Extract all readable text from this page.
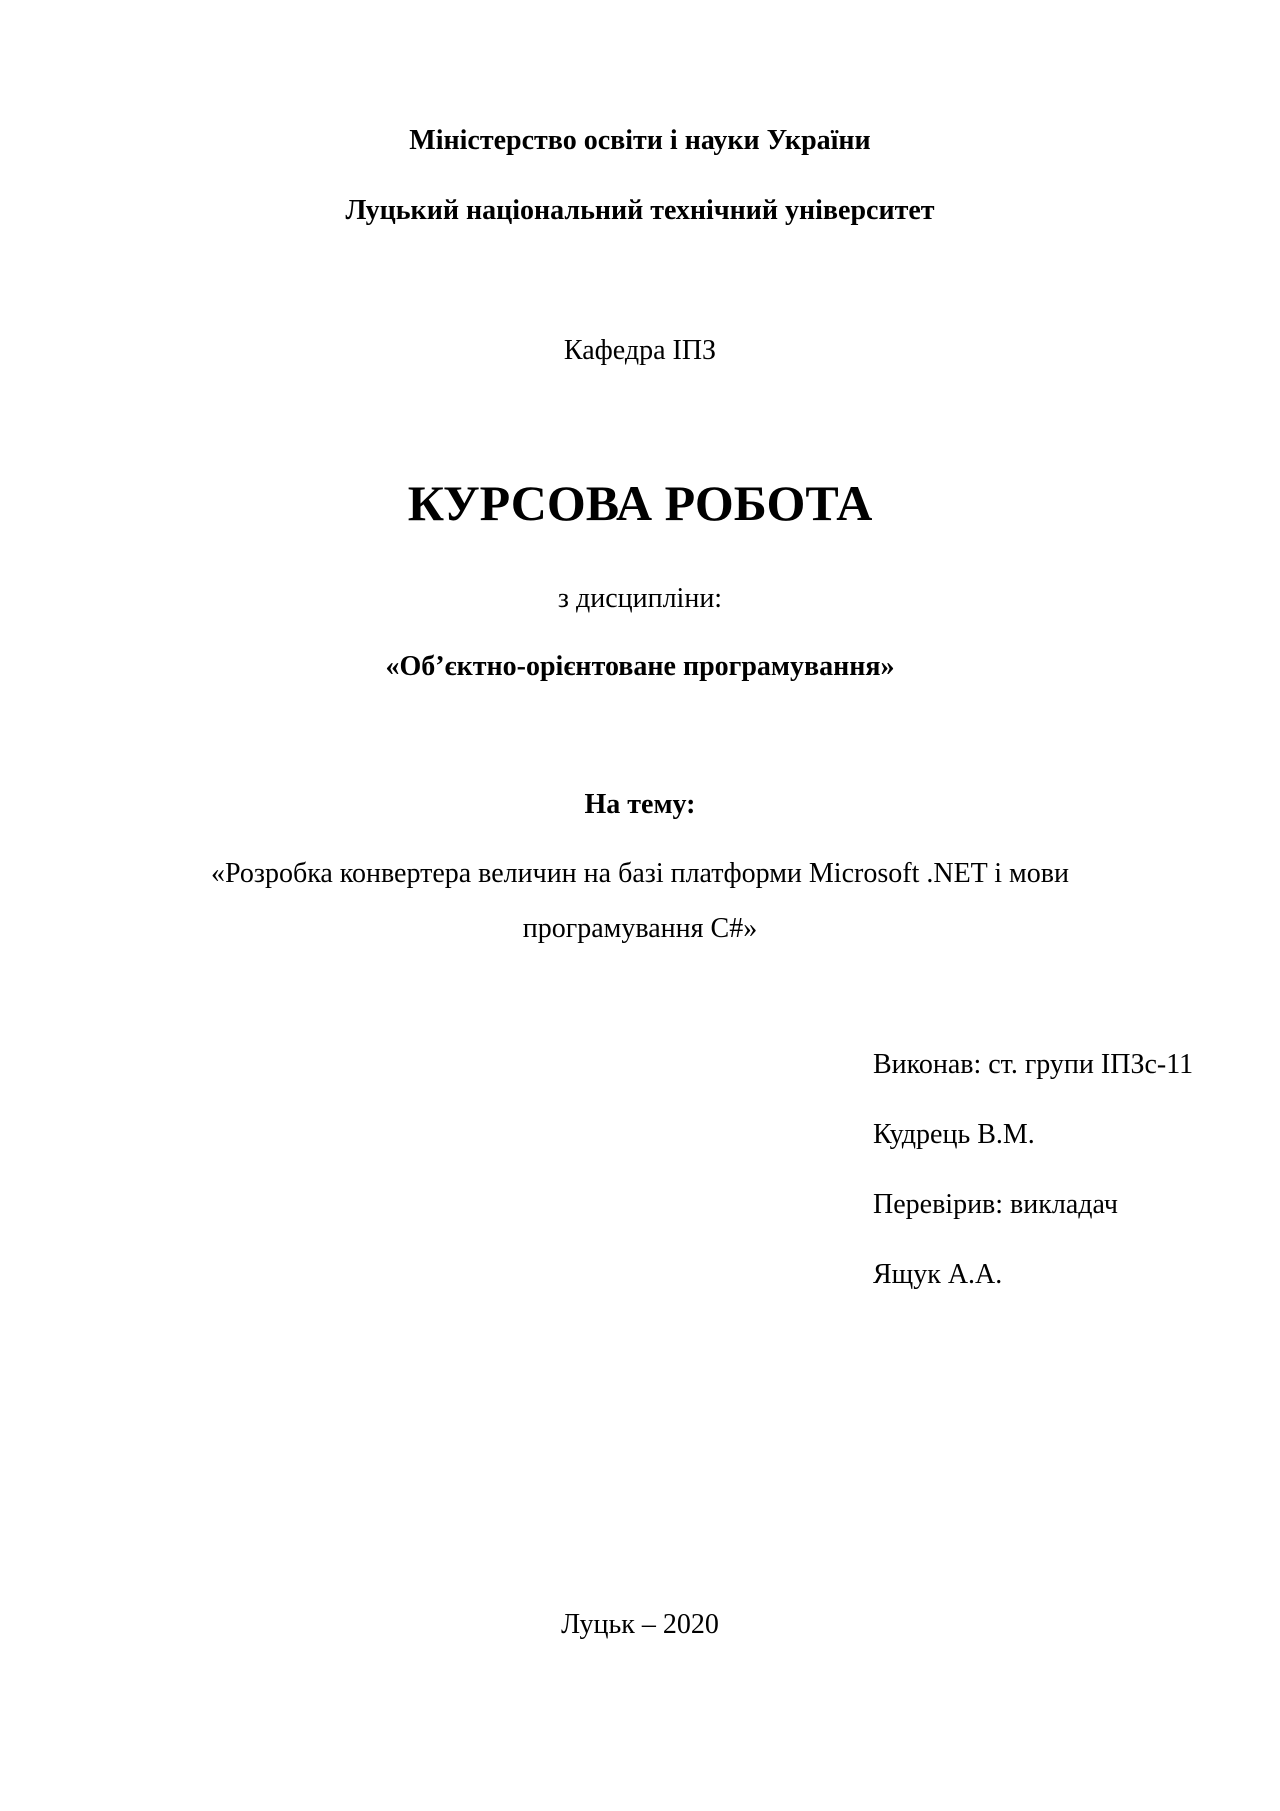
Міністерство освіти і науки України
Луцький національний технічний університет
Кафедра ІПЗ
КУРСОВА РОБОТА
з дисципліни:
«Об’єктно-орієнтоване програмування»
На тему:
«Розробка конвертера величин на базі платформи Microsoft .NET і мови
програмування C#»
Виконав: ст. групи ІПЗс-11
Кудрець В.М.
Перевірив: викладач
Ящук А.А.
Луцьк – 2020
